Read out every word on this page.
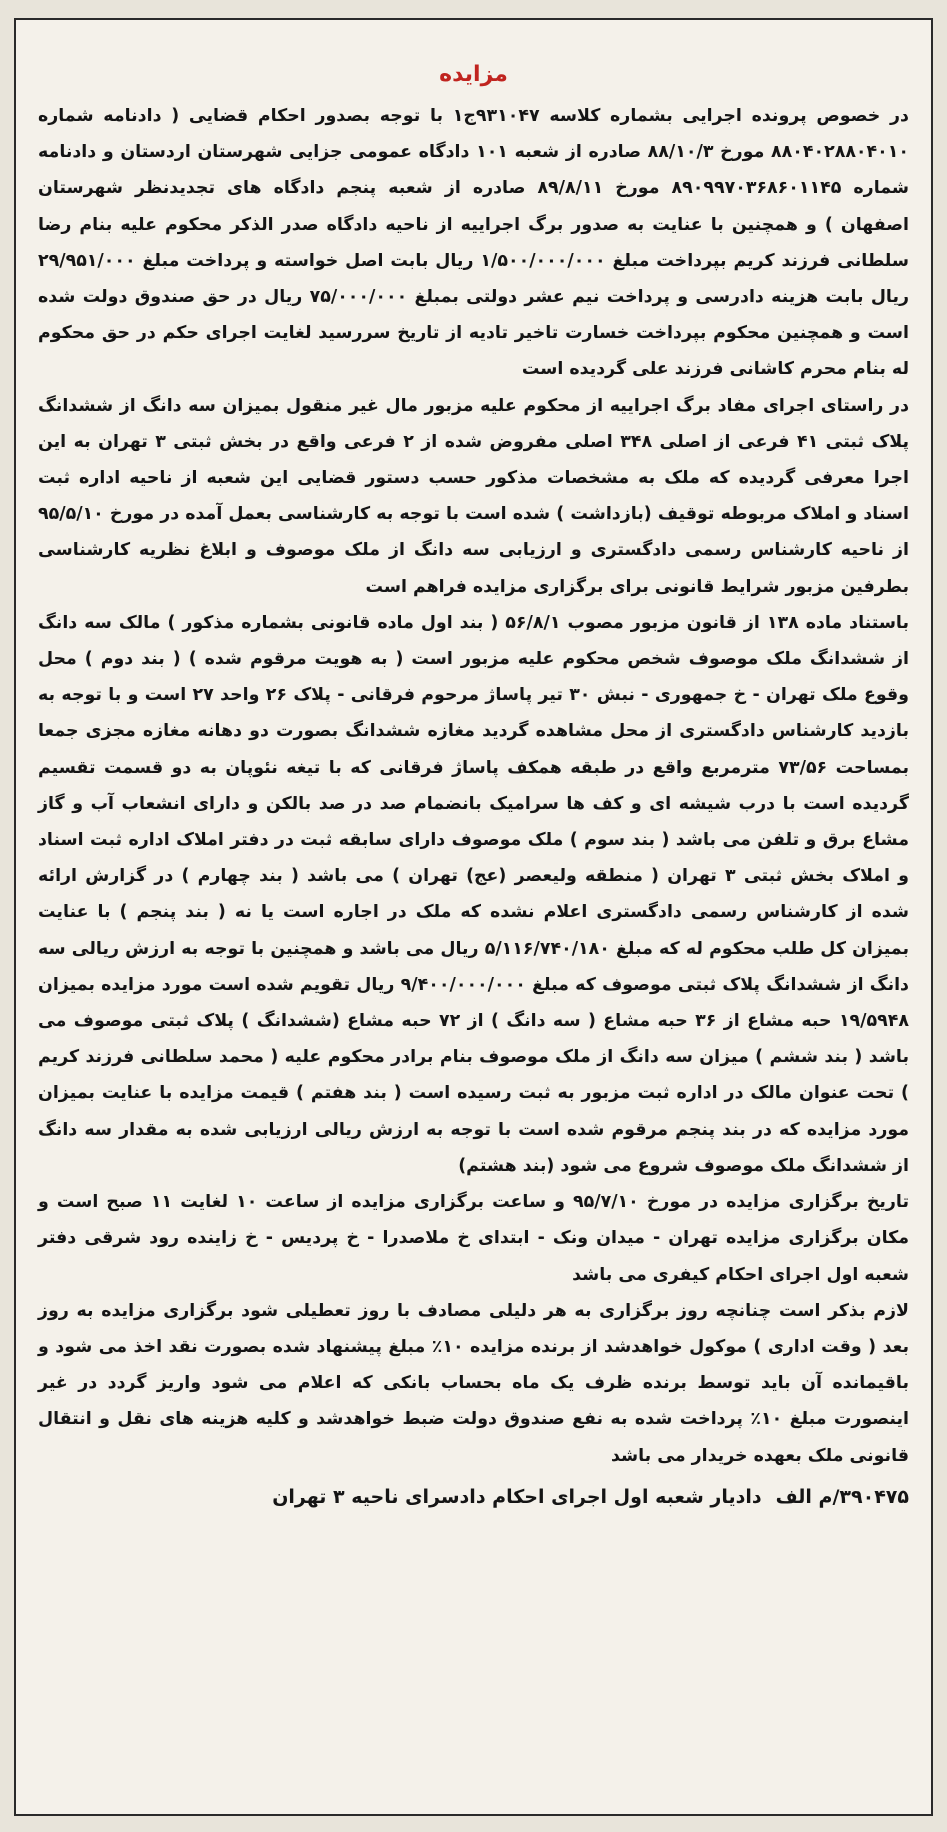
مزایده

در خصوص پرونده اجرایی بشماره کلاسه ۹۳۱۰۴۷ج۱ با توجه بصدور احکام قضایی ( دادنامه شماره ۸۸۰۴۰۲۸۸۰۴۰۱۰ مورخ ۸۸/۱۰/۳ صادره از شعبه ۱۰۱ دادگاه عمومی جزایی شهرستان اردستان و دادنامه شماره ۸۹۰۹۹۷۰۳۶۸۶۰۱۱۴۵ مورخ ۸۹/۸/۱۱ صادره از شعبه پنجم دادگاه های تجدیدنظر شهرستان اصفهان ) و همچنین با عنایت به صدور برگ اجراییه از ناحیه دادگاه صدر الذکر محکوم علیه بنام رضا سلطانی فرزند کریم بپرداخت مبلغ ۱/۵۰۰/۰۰۰/۰۰۰ ریال بابت اصل خواسته و پرداخت مبلغ ۲۹/۹۵۱/۰۰۰ ریال بابت هزینه دادرسی و پرداخت نیم عشر دولتی بمبلغ ۷۵/۰۰۰/۰۰۰ ریال در حق صندوق دولت شده است و همچنین محکوم بپرداخت خسارت تاخیر تادیه از تاریخ سررسید لغایت اجرای حکم در حق محکوم له بنام محرم کاشانی فرزند علی گردیده است

در راستای اجرای مفاد برگ اجراییه از محکوم علیه مزبور مال غیر منقول بمیزان سه دانگ از ششدانگ پلاک ثبتی ۴۱ فرعی از اصلی ۳۴۸ اصلی مفروض شده از ۲ فرعی واقع در بخش ثبتی ۳ تهران به این اجرا معرفی گردیده که ملک به مشخصات مذکور حسب دستور قضایی این شعبه از ناحیه اداره ثبت اسناد و املاک مربوطه توقیف (بازداشت ) شده است با توجه به کارشناسی بعمل آمده در مورخ ۹۵/۵/۱۰ از ناحیه کارشناس رسمی دادگستری و ارزیابی سه دانگ از ملک موصوف و ابلاغ نظریه کارشناسی بطرفین مزبور شرایط قانونی برای برگزاری مزایده فراهم است

باستناد ماده ۱۳۸ از قانون مزبور مصوب ۵۶/۸/۱ ( بند اول ماده قانونی بشماره مذکور ) مالک سه دانگ از ششدانگ ملک موصوف شخص محکوم علیه مزبور است ( به هویت مرقوم شده ) ( بند دوم ) محل وقوع ملک تهران - خ جمهوری - نبش ۳۰ تیر پاساژ مرحوم فرقانی - پلاک ۲۶ واحد ۲۷ است و با توجه به بازدید کارشناس دادگستری از محل مشاهده گردید مغازه ششدانگ بصورت دو دهانه مغازه مجزی جمعا بمساحت ۷۳/۵۶ مترمربع واقع در طبقه همکف پاساژ فرقانی که با تیغه نئوپان به دو قسمت تقسیم گردیده است با درب شیشه ای و کف ها سرامیک بانضمام صد در صد بالکن و دارای انشعاب آب و گاز مشاع برق و تلفن می باشد ( بند سوم ) ملک موصوف دارای سابقه ثبت در دفتر املاک اداره ثبت اسناد و املاک بخش ثبتی ۳ تهران ( منطقه ولیعصر (عج) تهران ) می باشد ( بند چهارم ) در گزارش ارائه شده از کارشناس رسمی دادگستری اعلام نشده که ملک در اجاره است یا نه ( بند پنجم ) با عنایت بمیزان کل طلب محکوم له که مبلغ ۵/۱۱۶/۷۴۰/۱۸۰ ریال می باشد و همچنین با توجه به ارزش ریالی سه دانگ از ششدانگ پلاک ثبتی موصوف که مبلغ ۹/۴۰۰/۰۰۰/۰۰۰ ریال تقویم شده است مورد مزایده بمیزان ۱۹/۵۹۴۸ حبه مشاع از ۳۶ حبه مشاع ( سه دانگ ) از ۷۲ حبه مشاع (ششدانگ ) پلاک ثبتی موصوف می باشد ( بند ششم ) میزان سه دانگ از ملک موصوف بنام برادر محکوم علیه ( محمد سلطانی فرزند کریم ) تحت عنوان مالک در اداره ثبت مزبور به ثبت رسیده است ( بند هفتم ) قیمت مزایده با عنایت بمیزان مورد مزایده که در بند پنجم مرقوم شده است با توجه به ارزش ریالی ارزیابی شده به مقدار سه دانگ از ششدانگ ملک موصوف شروع می شود (بند هشتم)

تاریخ برگزاری مزایده در مورخ ۹۵/۷/۱۰ و ساعت برگزاری مزایده از ساعت ۱۰ لغایت ۱۱ صبح است و مکان برگزاری مزایده تهران - میدان ونک - ابتدای خ ملاصدرا - خ پردیس - خ زاینده رود شرقی دفتر شعبه اول اجرای احکام کیفری می باشد

لازم بذکر است چنانچه روز برگزاری به هر دلیلی مصادف با روز تعطیلی شود برگزاری مزایده به روز بعد ( وقت اداری ) موکول خواهدشد از برنده مزایده ۱۰٪ مبلغ پیشنهاد شده بصورت نقد اخذ می شود و باقیمانده آن باید توسط برنده ظرف یک ماه بحساب بانکی که اعلام می شود واریز گردد در غیر اینصورت مبلغ ۱۰٪ پرداخت شده به نفع صندوق دولت ضبط خواهدشد و کلیه هزینه های نقل و انتقال قانونی ملک بعهده خریدار می باشد

۳۹۰۴۷۵/م الف
دادیار شعبه اول اجرای احکام دادسرای ناحیه ۳ تهران
